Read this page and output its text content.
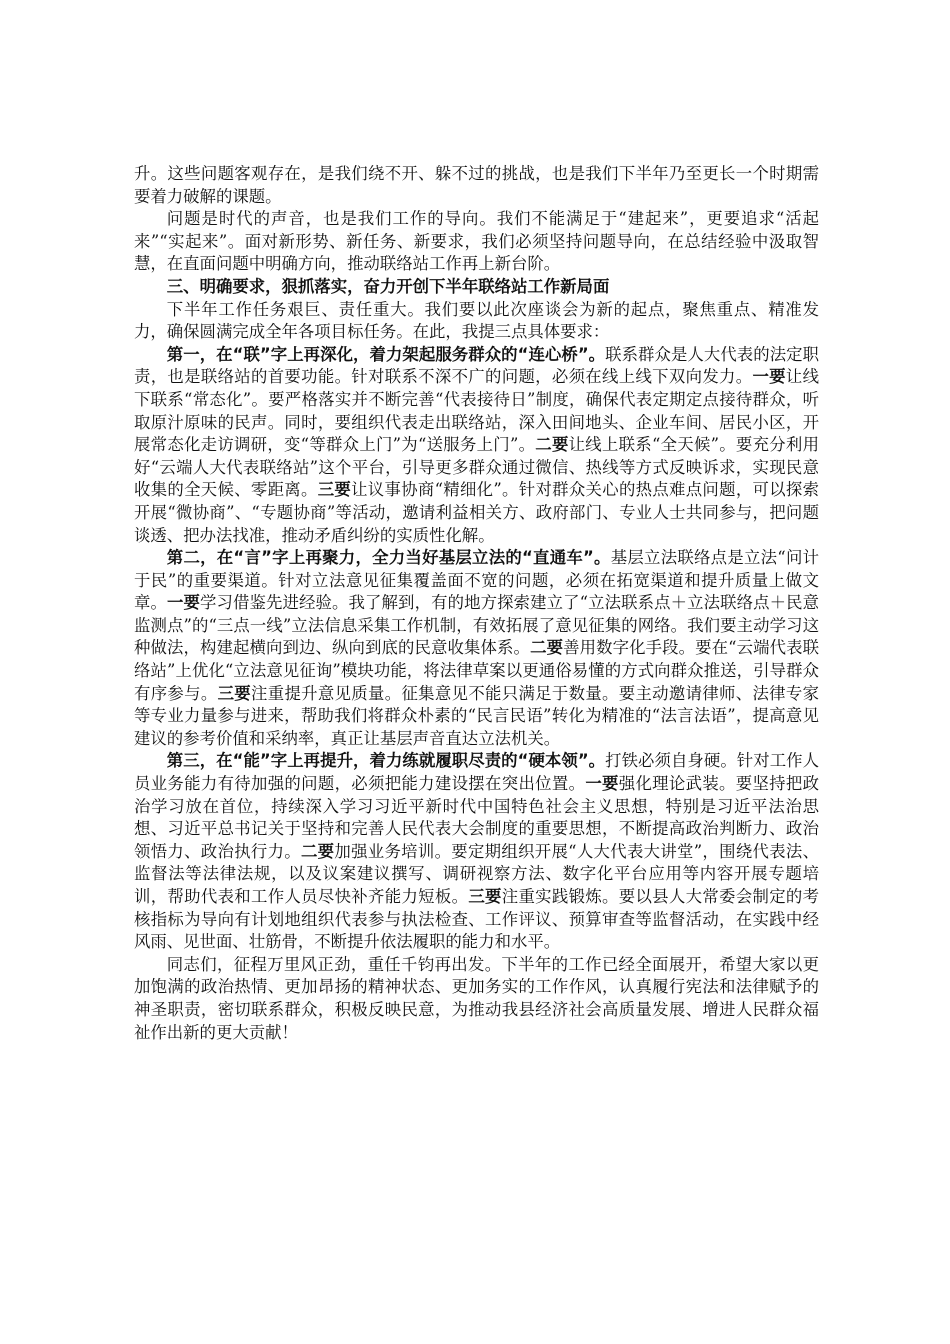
升。这些问题客观存在，是我们绕不开、躲不过的挑战，也是我们下半年乃至更长一个时期需要着力破解的课题。

问题是时代的声音，也是我们工作的导向。我们不能满足于“建起来”，更要追求“活起来”“实起来”。面对新形势、新任务、新要求，我们必须坚持问题导向，在总结经验中汲取智慧，在直面问题中明确方向，推动联络站工作再上新台阶。

三、明确要求，狠抓落实，奋力开创下半年联络站工作新局面

下半年工作任务艰巨、责任重大。我们要以此次座谈会为新的起点，聚焦重点、精准发力，确保圆满完成全年各项目标任务。在此，我提三点具体要求：

第一，在“联”字上再深化，着力架起服务群众的“连心桥”。联系群众是人大代表的法定职责，也是联络站的首要功能。针对联系不深不广的问题，必须在线上线下双向发力。一要让线下联系“常态化”。要严格落实并不断完善“代表接待日”制度，确保代表定期定点接待群众，听取原汁原味的民声。同时，要组织代表走出联络站，深入田间地头、企业车间、居民小区，开展常态化走访调研，变“等群众上门”为“送服务上门”。二要让线上联系“全天候”。要充分利用好“云端人大代表联络站”这个平台，引导更多群众通过微信、热线等方式反映诉求，实现民意收集的全天候、零距离。三要让议事协商“精细化”。针对群众关心的热点难点问题，可以探索开展“微协商”、“专题协商”等活动，邀请利益相关方、政府部门、专业人士共同参与，把问题谈透、把办法找准，推动矛盾纠纷的实质性化解。

第二，在“言”字上再聚力，全力当好基层立法的“直通车”。基层立法联络点是立法“问计于民”的重要渠道。针对立法意见征集覆盖面不宽的问题，必须在拓宽渠道和提升质量上做文章。一要学习借鉴先进经验。我了解到，有的地方探索建立了“立法联系点＋立法联络点＋民意监测点”的“三点一线”立法信息采集工作机制，有效拓展了意见征集的网络。我们要主动学习这种做法，构建起横向到边、纵向到底的民意收集体系。二要善用数字化手段。要在“云端代表联络站”上优化“立法意见征询”模块功能，将法律草案以更通俗易懂的方式向群众推送，引导群众有序参与。三要注重提升意见质量。征集意见不能只满足于数量。要主动邀请律师、法律专家等专业力量参与进来，帮助我们将群众朴素的“民言民语”转化为精准的“法言法语”，提高意见建议的参考价值和采纳率，真正让基层声音直达立法机关。

第三，在“能”字上再提升，着力练就履职尽责的“硬本领”。打铁必须自身硬。针对工作人员业务能力有待加强的问题，必须把能力建设摆在突出位置。一要强化理论武装。要坚持把政治学习放在首位，持续深入学习习近平新时代中国特色社会主义思想，特别是习近平法治思想、习近平总书记关于坚持和完善人民代表大会制度的重要思想，不断提高政治判断力、政治领悟力、政治执行力。二要加强业务培训。要定期组织开展“人大代表大讲堂”，围绕代表法、监督法等法律法规，以及议案建议撰写、调研视察方法、数字化平台应用等内容开展专题培训，帮助代表和工作人员尽快补齐能力短板。三要注重实践锻炼。要以县人大常委会制定的考核指标为导向有计划地组织代表参与执法检查、工作评议、预算审查等监督活动，在实践中经风雨、见世面、壮筋骨，不断提升依法履职的能力和水平。

同志们，征程万里风正劲，重任千钧再出发。下半年的工作已经全面展开，希望大家以更加饱满的政治热情、更加昂扬的精神状态、更加务实的工作作风，认真履行宪法和法律赋予的神圣职责，密切联系群众，积极反映民意，为推动我县经济社会高质量发展、增进人民群众福祉作出新的更大贡献！
